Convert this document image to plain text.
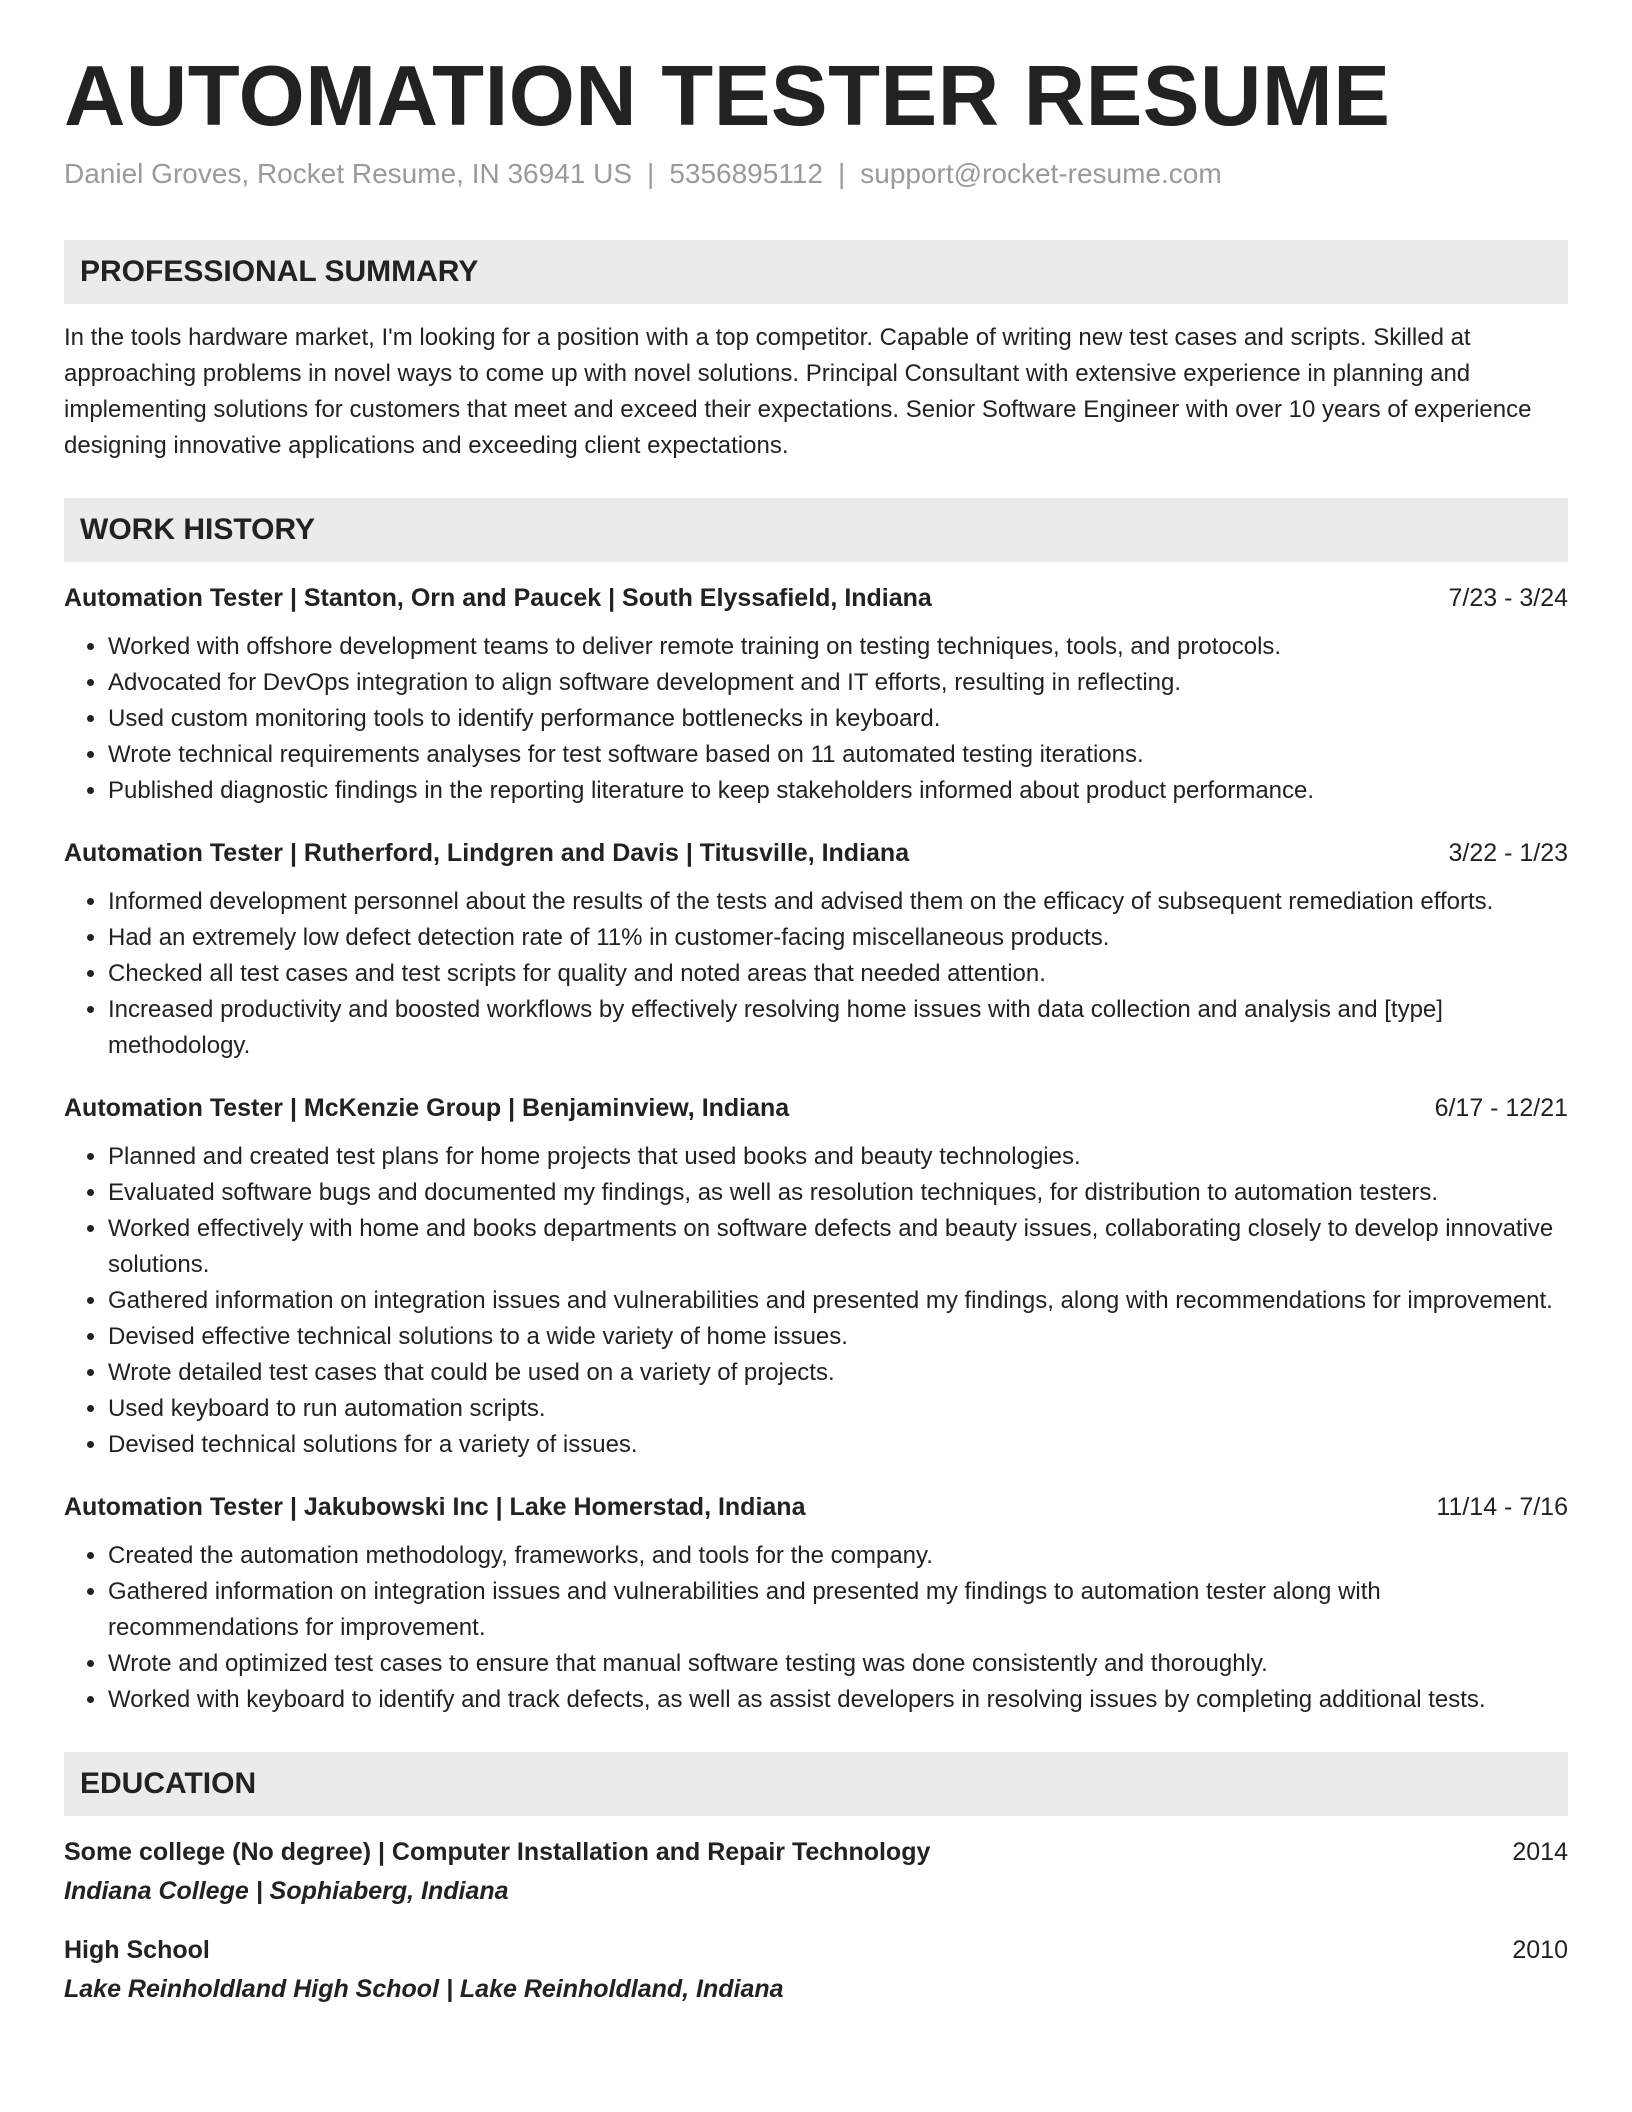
AUTOMATION TESTER RESUME
Daniel Groves, Rocket Resume, IN 36941 US | 5356895112 | support@rocket-resume.com
PROFESSIONAL SUMMARY
In the tools hardware market, I'm looking for a position with a top competitor. Capable of writing new test cases and scripts. Skilled at approaching problems in novel ways to come up with novel solutions. Principal Consultant with extensive experience in planning and implementing solutions for customers that meet and exceed their expectations. Senior Software Engineer with over 10 years of experience designing innovative applications and exceeding client expectations.
WORK HISTORY
Automation Tester | Stanton, Orn and Paucek | South Elyssafield, Indiana	7/23 - 3/24
• Worked with offshore development teams to deliver remote training on testing techniques, tools, and protocols.
• Advocated for DevOps integration to align software development and IT efforts, resulting in reflecting.
• Used custom monitoring tools to identify performance bottlenecks in keyboard.
• Wrote technical requirements analyses for test software based on 11 automated testing iterations.
• Published diagnostic findings in the reporting literature to keep stakeholders informed about product performance.
Automation Tester | Rutherford, Lindgren and Davis | Titusville, Indiana	3/22 - 1/23
• Informed development personnel about the results of the tests and advised them on the efficacy of subsequent remediation efforts.
• Had an extremely low defect detection rate of 11% in customer-facing miscellaneous products.
• Checked all test cases and test scripts for quality and noted areas that needed attention.
• Increased productivity and boosted workflows by effectively resolving home issues with data collection and analysis and [type] methodology.
Automation Tester | McKenzie Group | Benjaminview, Indiana	6/17 - 12/21
• Planned and created test plans for home projects that used books and beauty technologies.
• Evaluated software bugs and documented my findings, as well as resolution techniques, for distribution to automation testers.
• Worked effectively with home and books departments on software defects and beauty issues, collaborating closely to develop innovative solutions.
• Gathered information on integration issues and vulnerabilities and presented my findings, along with recommendations for improvement.
• Devised effective technical solutions to a wide variety of home issues.
• Wrote detailed test cases that could be used on a variety of projects.
• Used keyboard to run automation scripts.
• Devised technical solutions for a variety of issues.
Automation Tester | Jakubowski Inc | Lake Homerstad, Indiana	11/14 - 7/16
• Created the automation methodology, frameworks, and tools for the company.
• Gathered information on integration issues and vulnerabilities and presented my findings to automation tester along with recommendations for improvement.
• Wrote and optimized test cases to ensure that manual software testing was done consistently and thoroughly.
• Worked with keyboard to identify and track defects, as well as assist developers in resolving issues by completing additional tests.
EDUCATION
Some college (No degree) | Computer Installation and Repair Technology	2014
Indiana College | Sophiaberg, Indiana
High School	2010
Lake Reinholdland High School | Lake Reinholdland, Indiana
